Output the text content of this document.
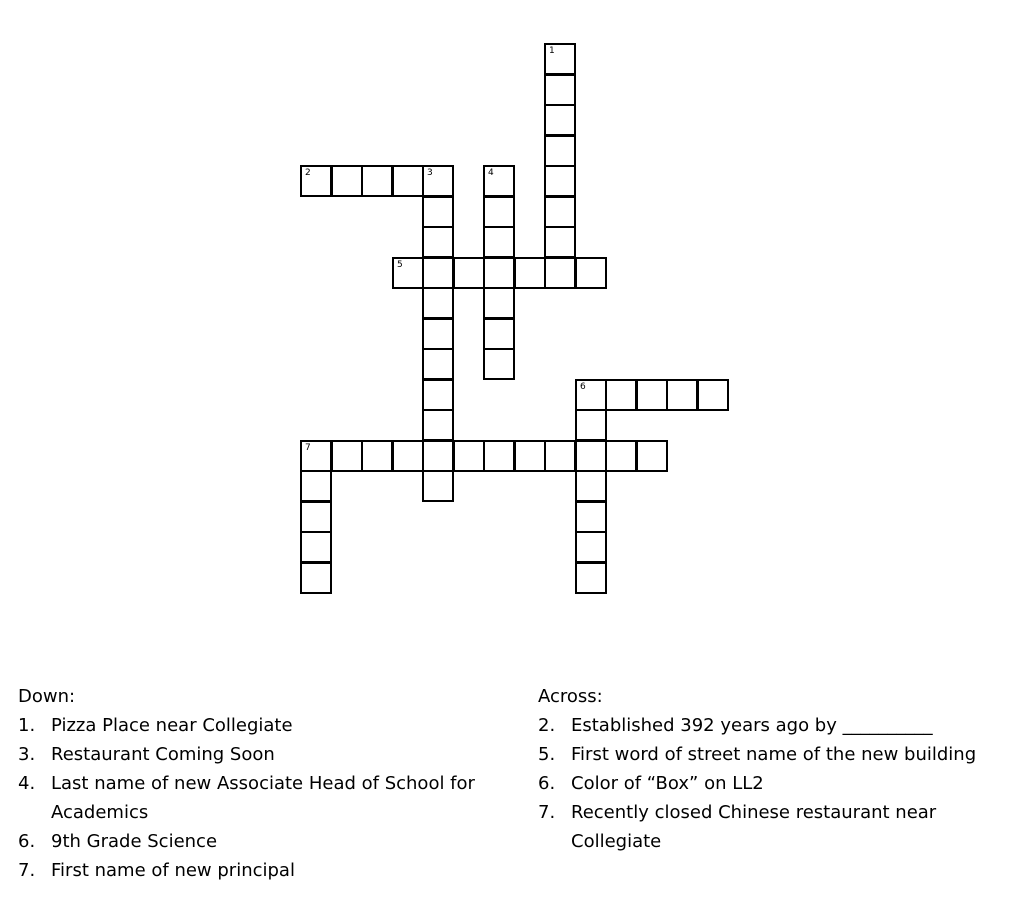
1
2	3	4
5
6
7
Down:
1. Pizza Place near Collegiate
3. Restaurant Coming Soon
4. Last name of new Associate Head of School for Academics
6. 9th Grade Science
7. First name of new principal
Across:
2. Established 392 years ago by __________
5. First word of street name of the new building
6. Color of “Box” on LL2
7. Recently closed Chinese restaurant near Collegiate
